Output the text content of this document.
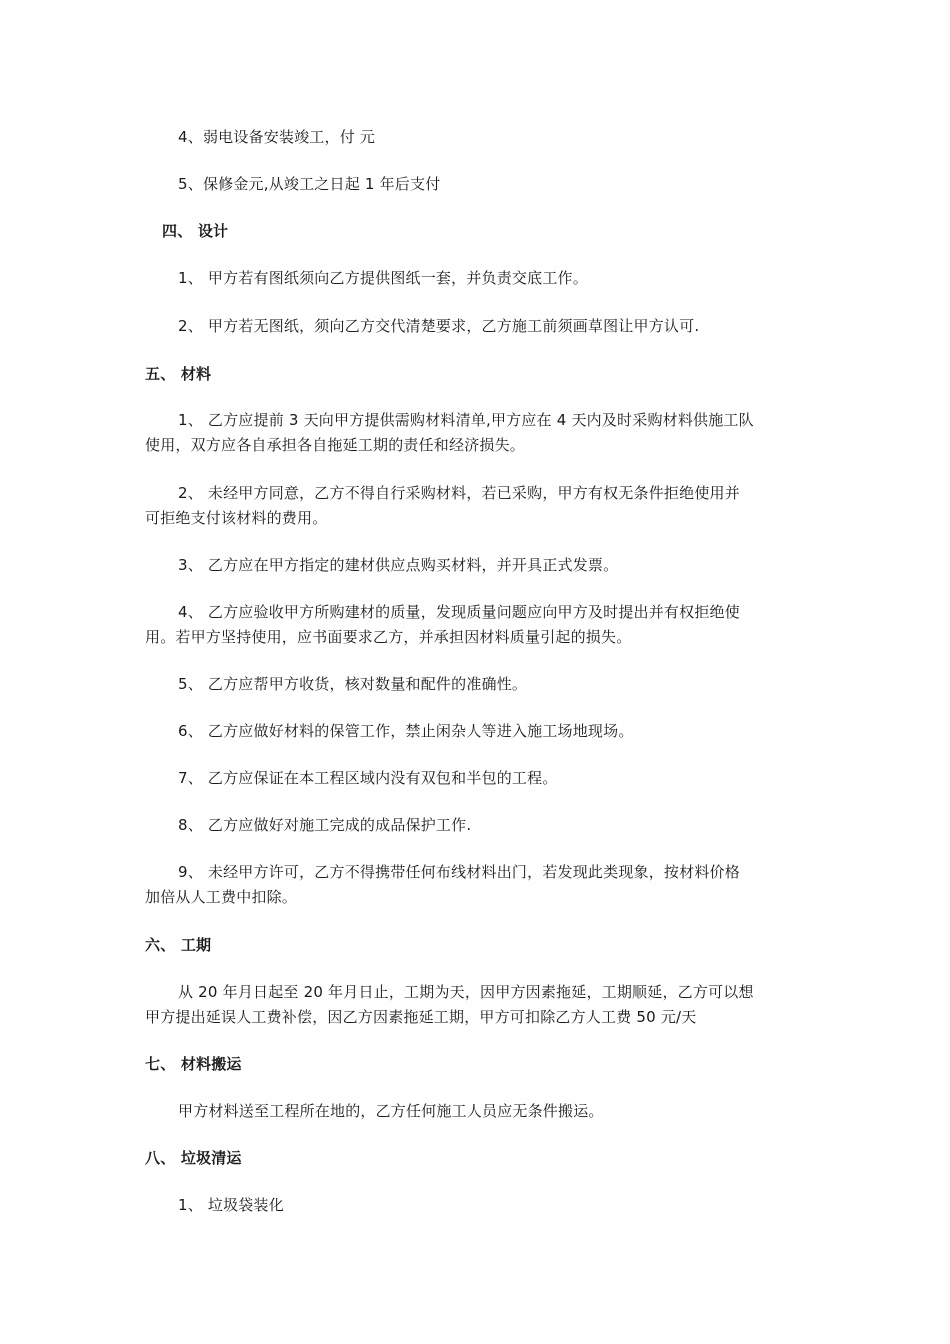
4、弱电设备安装竣工，付 元
5、保修金元,从竣工之日起 1 年后支付
四、 设计
1、 甲方若有图纸须向乙方提供图纸一套，并负责交底工作。
2、 甲方若无图纸，须向乙方交代清楚要求，乙方施工前须画草图让甲方认可.
五、 材料
1、 乙方应提前 3 天向甲方提供需购材料清单,甲方应在 4 天内及时采购材料供施工队
使用，双方应各自承担各自拖延工期的责任和经济损失。
2、 未经甲方同意，乙方不得自行采购材料，若已采购，甲方有权无条件拒绝使用并
可拒绝支付该材料的费用。
3、 乙方应在甲方指定的建材供应点购买材料，并开具正式发票。
4、 乙方应验收甲方所购建材的质量，发现质量问题应向甲方及时提出并有权拒绝使
用。若甲方坚持使用，应书面要求乙方，并承担因材料质量引起的损失。
5、 乙方应帮甲方收货，核对数量和配件的准确性。
6、 乙方应做好材料的保管工作，禁止闲杂人等进入施工场地现场。
7、 乙方应保证在本工程区域内没有双包和半包的工程。
8、 乙方应做好对施工完成的成品保护工作.
9、 未经甲方许可，乙方不得携带任何布线材料出门，若发现此类现象，按材料价格
加倍从人工费中扣除。
六、 工期
从 20 年月日起至 20 年月日止，工期为天，因甲方因素拖延，工期顺延，乙方可以想
甲方提出延误人工费补偿，因乙方因素拖延工期，甲方可扣除乙方人工费 50 元/天
七、 材料搬运
甲方材料送至工程所在地的，乙方任何施工人员应无条件搬运。
八、 垃圾清运
1、 垃圾袋装化
